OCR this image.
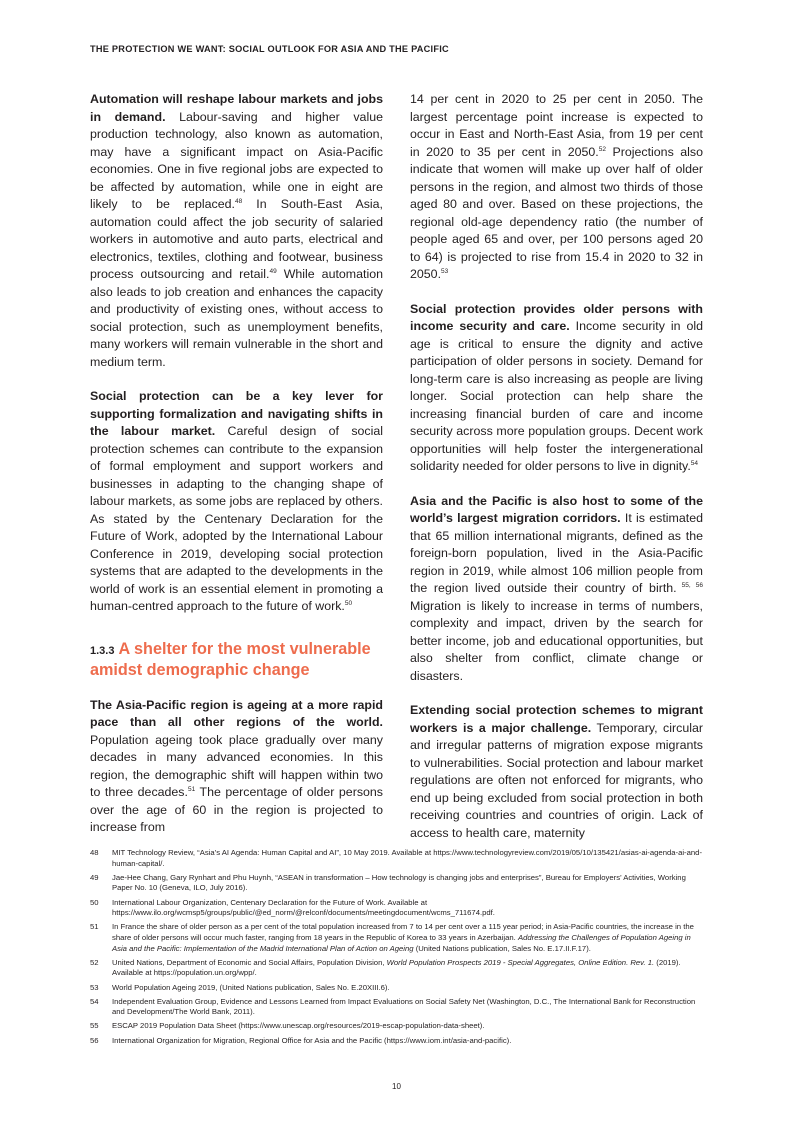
THE PROTECTION WE WANT: SOCIAL OUTLOOK FOR ASIA AND THE PACIFIC

Automation will reshape labour markets and jobs in demand. Labour-saving and higher value production technology, also known as automation, may have a significant impact on Asia-Pacific economies. One in five regional jobs are expected to be affected by automation, while one in eight are likely to be replaced.$^{48}$ In South-East Asia, automation could affect the job security of salaried workers in automotive and auto parts, electrical and electronics, textiles, clothing and footwear, business process outsourcing and retail.$^{49}$ While automation also leads to job creation and enhances the capacity and productivity of existing ones, without access to social protection, such as unemployment benefits, many workers will remain vulnerable in the short and medium term.

Social protection can be a key lever for supporting formalization and navigating shifts in the labour market. Careful design of social protection schemes can contribute to the expansion of formal employment and support workers and businesses in adapting to the changing shape of labour markets, as some jobs are replaced by others. As stated by the Centenary Declaration for the Future of Work, adopted by the International Labour Conference in 2019, developing social protection systems that are adapted to the developments in the world of work is an essential element in promoting a human-centred approach to the future of work.$^{50}$

1.3.3 A shelter for the most vulnerable amidst demographic change

The Asia-Pacific region is ageing at a more rapid pace than all other regions of the world. Population ageing took place gradually over many decades in many advanced economies. In this region, the demographic shift will happen within two to three decades.$^{51}$ The percentage of older persons over the age of 60 in the region is projected to increase from

14 per cent in 2020 to 25 per cent in 2050. The largest percentage point increase is expected to occur in East and North-East Asia, from 19 per cent in 2020 to 35 per cent in 2050.52 Projections also indicate that women will make up over half of older persons in the region, and almost two thirds of those aged 80 and over. Based on these projections, the regional old-age dependency ratio (the number of people aged 65 and over, per 100 persons aged 20 to 64) is projected to rise from 15.4 in 2020 to 32 in 2050.53

Social protection provides older persons with income security and care. Income security in old age is critical to ensure the dignity and active participation of older persons in society. Demand for long-term care is also increasing as people are living longer. Social protection can help share the increasing financial burden of care and income security across more population groups. Decent work opportunities will help foster the intergenerational solidarity needed for older persons to live in dignity.$^{54}$

Asia and the Pacific is also host to some of the world’s largest migration corridors. It is estimated that 65 million international migrants, defined as the foreign-born population, lived in the Asia-Pacific region in 2019, while almost 106 million people from the region lived outside their country of birth. $^{55, 56}$ Migration is likely to increase in terms of numbers, complexity and impact, driven by the search for better income, job and educational opportunities, but also shelter from conflict, climate change or disasters.

Extending social protection schemes to migrant workers is a major challenge. Temporary, circular and irregular patterns of migration expose migrants to vulnerabilities. Social protection and labour market regulations are often not enforced for migrants, who end up being excluded from social protection in both receiving countries and countries of origin. Lack of access to health care, maternity

48	MIT Technology Review, “Asia’s AI Agenda: Human Capital and AI”, 10 May 2019. Available at https://www.technologyreview.com/2019/05/10/135421/asias-ai-agenda-ai-and-human-capital/.
49	Jae-Hee Chang, Gary Rynhart and Phu Huynh, “ASEAN in transformation – How technology is changing jobs and enterprises”, Bureau for Employers’ Activities, Working Paper No. 10 (Geneva, ILO, July 2016).
50	International Labour Organization, Centenary Declaration for the Future of Work. Available at https://www.ilo.org/wcmsp5/groups/public/@ed_norm/@relconf/documents/meetingdocument/wcms_711674.pdf.
51	In France the share of older person as a per cent of the total population increased from 7 to 14 per cent over a 115 year period; in Asia-Pacific countries, the increase in the share of older persons will occur much faster, ranging from 18 years in the Republic of Korea to 33 years in Azerbaijan. Addressing the Challenges of Population Ageing in Asia and the Pacific: Implementation of the Madrid International Plan of Action on Ageing (United Nations publication, Sales No. E.17.II.F.17).
52	United Nations, Department of Economic and Social Affairs, Population Division, World Population Prospects 2019 - Special Aggregates, Online Edition. Rev. 1. (2019). Available at https://population.un.org/wpp/.
53	World Population Ageing 2019, (United Nations publication, Sales No. E.20XIII.6).
54	Independent Evaluation Group, Evidence and Lessons Learned from Impact Evaluations on Social Safety Net (Washington, D.C., The International Bank for Reconstruction and Development/The World Bank, 2011).
55	ESCAP 2019 Population Data Sheet (https://www.unescap.org/resources/2019-escap-population-data-sheet).
56	International Organization for Migration, Regional Office for Asia and the Pacific (https://www.iom.int/asia-and-pacific).
10
